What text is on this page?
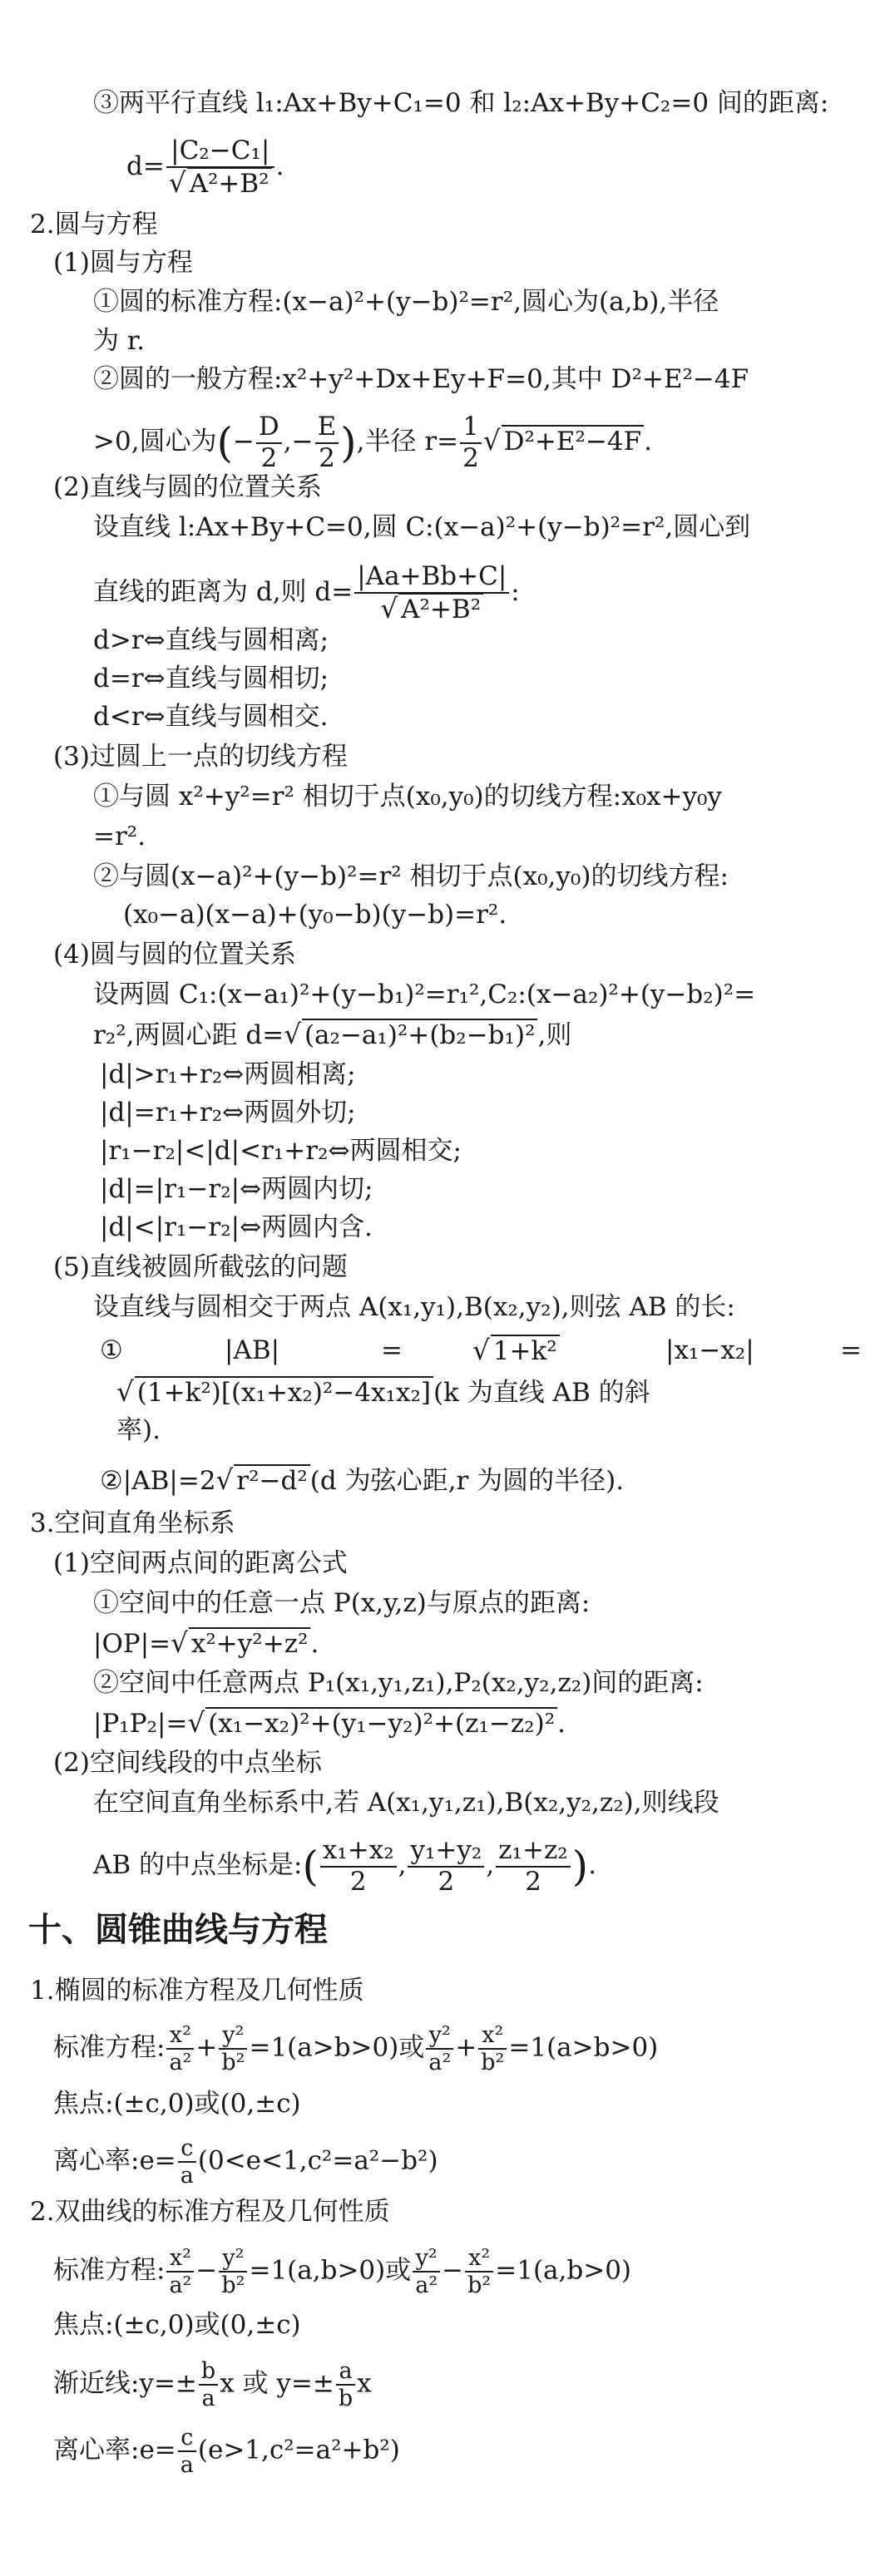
③两平行直线 l₁:Ax+By+C₁=0 和 l₂:Ax+By+C₂=0 间的距离:
d= |C₂−C₁|
√ A²+B² .
2.圆与方程
(1)圆与方程
①圆的标准方程:(x−a)²+(y−b)²=r²,圆心为(a,b),半径
为 r.
②圆的一般方程:x²+y²+Dx+Ey+F=0,其中 D²+E²−4F
>0,圆心为(− $\frac{D}{2}$ ,− $\frac{E}{2}$ ),半径 $r= \frac{1}{2}$ √ D²+E²−4F.
(2)直线与圆的位置关系
设直线 l:Ax+By+C=0,圆 C:(x−a)²+(y−b)²=r²,圆心到
直线的距离为 d,则 d= |Aa+Bb+C|
√ A²+B² :
d>r⇔直线与圆相离;
d=r⇔直线与圆相切;
d<r⇔直线与圆相交.
(3)过圆上一点的切线方程
①与圆 x²+y²=r² 相切于点(x₀,y₀)的切线方程:x₀x+y₀y
=r².
②与圆(x−a)²+(y−b)²=r² 相切于点(x₀,y₀)的切线方程:
(x₀−a)(x−a)+(y₀−b)(y−b)=r².
(4)圆与圆的位置关系
设两圆 C₁:(x−a₁)²+(y−b₁)²=r₁²,C₂:(x−a₂)²+(y−b₂)²=
r₂²,两圆心距 d= √ (a₂−a₁)²+(b₂−b₁)²,则
|d|>r₁+r₂⇔两圆相离;
|d|=r₁+r₂⇔两圆外切;
|r₁−r₂|<|d|<r₁+r₂⇔两圆相交;
|d|=|r₁−r₂|⇔两圆内切;
|d|<|r₁−r₂|⇔两圆内含.
(5)直线被圆所截弦的问题
设直线与圆相交于两点 A(x₁,y₁),B(x₂,y₂),则弦 AB 的长:
①	|AB|	= √	1+k²	|x₁−x₂|	=
√ (1+k²)[(x₁+x₂)²−4x₁x₂](k 为直线 AB 的斜
率).
②|AB|=2 √ r²−d²(d 为弦心距,r 为圆的半径).
3.空间直角坐标系
(1)空间两点间的距离公式
①空间中的任意一点 P(x,y,z)与原点的距离:
|OP|= √ x²+y²+z².
②空间中任意两点 P₁(x₁,y₁,z₁),P₂(x₂,y₂,z₂)间的距离:
|P₁P₂|= √ (x₁−x₂)²+(y₁−y₂)²+(z₁−z₂)².
(2)空间线段的中点坐标
在空间直角坐标系中,若 A(x₁,y₁,z₁),B(x₂,y₂,z₂),则线段
AB 的中点坐标是:( $\frac{\text{x₁+x₂}}{2}$ , $\frac{\text{y₁+y₂}}{2}$ , $\frac{\text{z₁+z₂}}{2}$ ).
十、圆锥曲线与方程
1.椭圆的标准方程及几何性质
标准方程: $\frac{\text{x²}}{\text{a²}} + \frac{\text{y²}}{\text{b²}} =1(a>b>0)$或 $\frac{\text{y²}}{\text{a²}} + \frac{\text{x²}}{\text{b²}} =1(a>b>0)$
焦点:(±c,0)或(0,±c)
离心率:e= $\frac{c}{a} (0<e<1,c^2=a^2-b^2)$
2.双曲线的标准方程及几何性质
标准方程: $\frac{\text{x²}}{\text{a²}} - \frac{\text{y²}}{\text{b²}} =1(a,b>0)$或 $\frac{\text{y²}}{\text{a²}} - \frac{\text{x²}}{\text{b²}} =1(a,b>0)$
焦点:(±c,0)或(0,±c)
渐近线:y=± $\frac{b}{a}$ x 或 $y=\pm \frac{a}{b}$ x
离心率:e= $\frac{c}{a} (e>1,c^2=a^2+b^2)$
